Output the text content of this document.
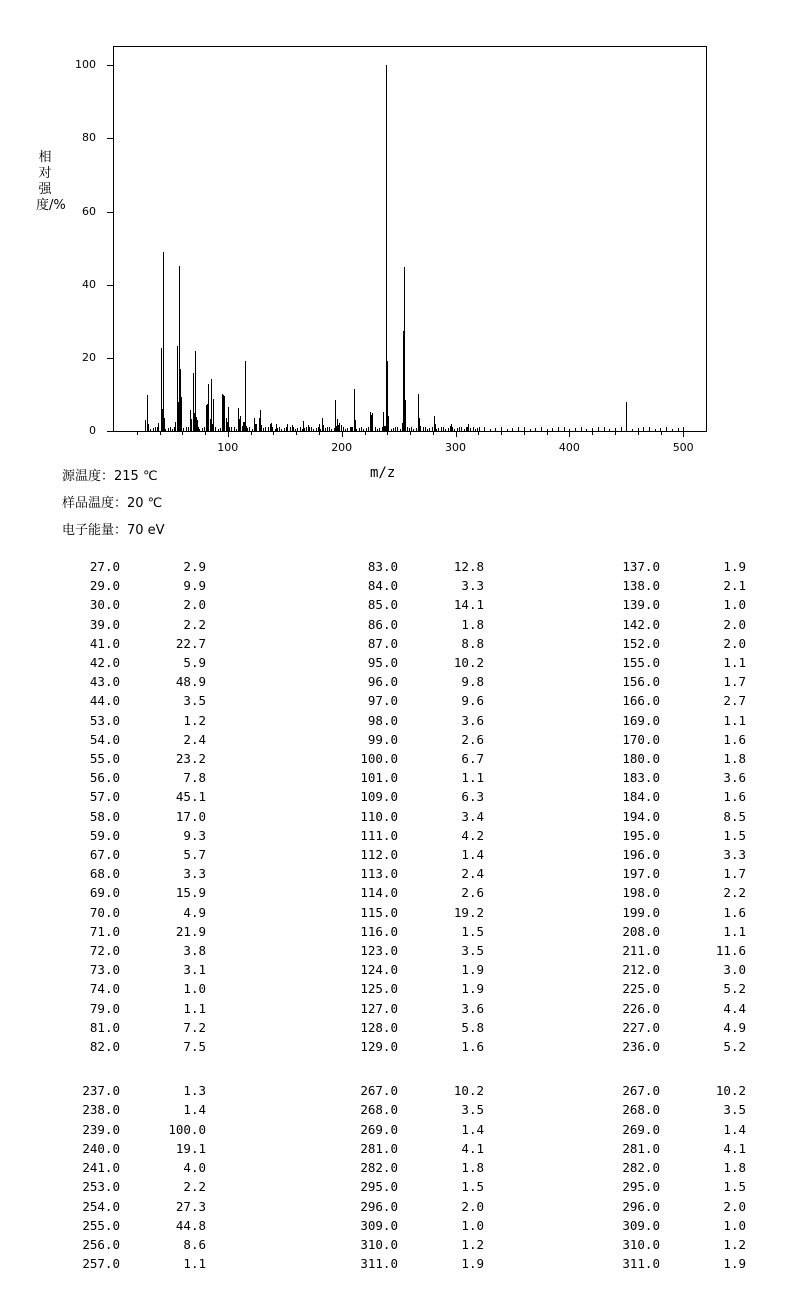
相对强度/%
m/z
100
80
60
40
20
0
100	200	300	400	500
源温度：215 ℃
样品温度：20 ℃
电子能量：70 eV
27.0	2.9
29.0	9.9
30.0	2.0
39.0	2.2
41.0	22.7
42.0	5.9
43.0	48.9
44.0	3.5
53.0	1.2
54.0	2.4
55.0	23.2
56.0	7.8
57.0	45.1
58.0	17.0
59.0	9.3
67.0	5.7
68.0	3.3
69.0	15.9
70.0	4.9
71.0	21.9
72.0	3.8
73.0	3.1
74.0	1.0
79.0	1.1
81.0	7.2
82.0	7.5
83.0	12.8
84.0	3.3
85.0	14.1
86.0	1.8
87.0	8.8
95.0	10.2
96.0	9.8
97.0	9.6
98.0	3.6
99.0	2.6
100.0	6.7
101.0	1.1
109.0	6.3
110.0	3.4
111.0	4.2
112.0	1.4
113.0	2.4
114.0	2.6
115.0	19.2
116.0	1.5
123.0	3.5
124.0	1.9
125.0	1.9
127.0	3.6
128.0	5.8
129.0	1.6
137.0	1.9
138.0	2.1
139.0	1.0
142.0	2.0
152.0	2.0
155.0	1.1
156.0	1.7
166.0	2.7
169.0	1.1
170.0	1.6
180.0	1.8
183.0	3.6
184.0	1.6
194.0	8.5
195.0	1.5
196.0	3.3
197.0	1.7
198.0	2.2
199.0	1.6
208.0	1.1
211.0	11.6
212.0	3.0
225.0	5.2
226.0	4.4
227.0	4.9
236.0	5.2
237.0	1.3
238.0	1.4
239.0	100.0
240.0	19.1
241.0	4.0
253.0	2.2
254.0	27.3
255.0	44.8
256.0	8.6
257.0	1.1
267.0	10.2
268.0	3.5
269.0	1.4
281.0	4.1
282.0	1.8
295.0	1.5
296.0	2.0
309.0	1.0
310.0	1.2
311.0	1.9
267.0	10.2
268.0	3.5
269.0	1.4
281.0	4.1
282.0	1.8
295.0	1.5
296.0	2.0
309.0	1.0
310.0	1.2
311.0	1.9
